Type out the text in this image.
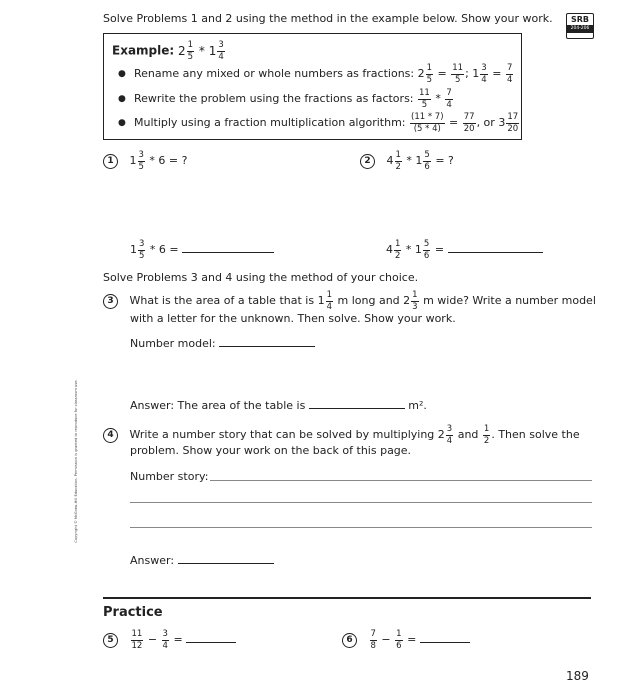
Solve Problems 1 and 2 using the method in the example below. Show your work.	SRB
204-206
Example: $2 \frac{1}{5} * 1 \frac{3}{4}$
● Rename any mixed or whole numbers as fractions: $2 \frac{1}{5} = \frac{11}{5}$ ; $1 \frac{3}{4} = \frac{7}{4}$
● Rewrite the problem using the fractions as factors: $\frac{11}{5} * \frac{7}{4}$
● Multiply using a fraction multiplication algorithm: $\frac{(11 * 7)}{(5 * 4)} = \frac{77}{20}$ , or $3 \frac{17}{20}$
1 $1 \frac{3}{5} * 6$ = ?	2 $4 \frac{1}{2} * 1 \frac{5}{6}$ = ?
$1 \frac{3}{5} * 6$ =	$4 \frac{1}{2} * 1 \frac{5}{6}$ =
Solve Problems 3 and 4 using the method of your choice.
3 What is the area of a table that is $1 \frac{1}{4}$ m long and $2 \frac{1}{3}$ m wide? Write a number model
with a letter for the unknown. Then solve. Show your work.
Number model:
Answer: The area of the table is	m².
4 Write a number story that can be solved by multiplying $2 \frac{3}{4}$ and $\frac{1}{2}$ . Then solve the
problem. Show your work on the back of this page.
Number story:
Answer:
Practice
$5 \frac{11}{12} - \frac{3}{4}$ =	$6 \frac{7}{8} - \frac{1}{6}$ =
Copyright © McGraw-Hill Education. Permission is granted to reproduce for classroom use.
189
